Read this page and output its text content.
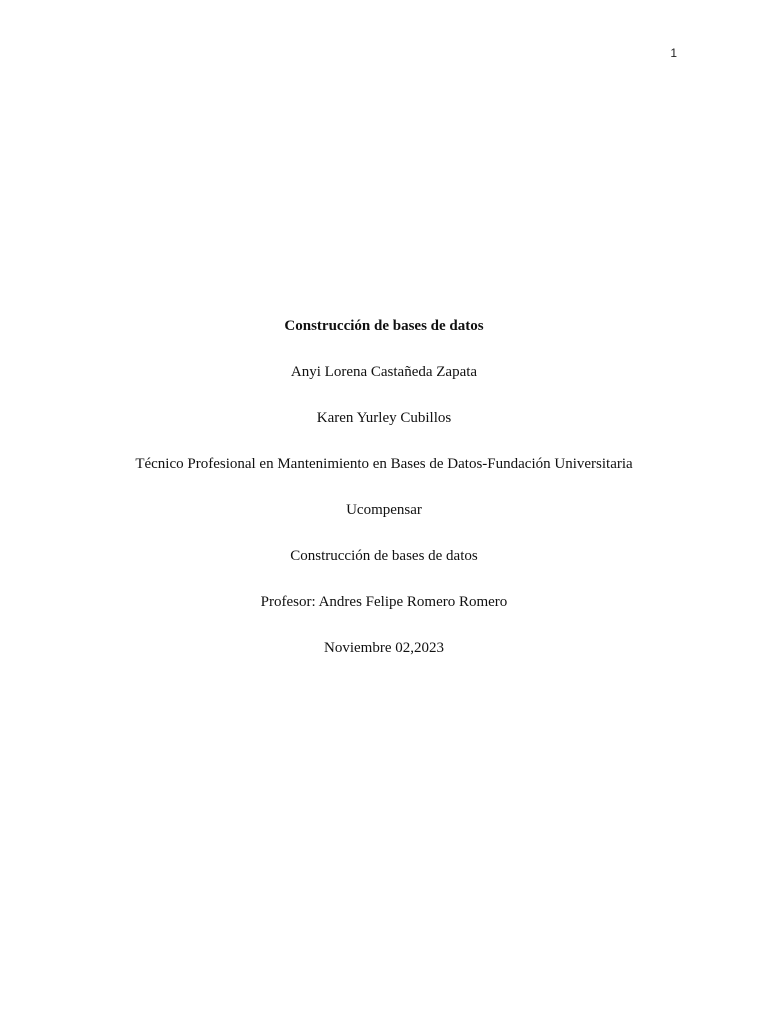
1
Construcción de bases de datos
Anyi Lorena Castañeda Zapata
Karen Yurley Cubillos
Técnico Profesional en Mantenimiento en Bases de Datos-Fundación Universitaria
Ucompensar
Construcción de bases de datos
Profesor: Andres Felipe Romero Romero
Noviembre 02,2023
